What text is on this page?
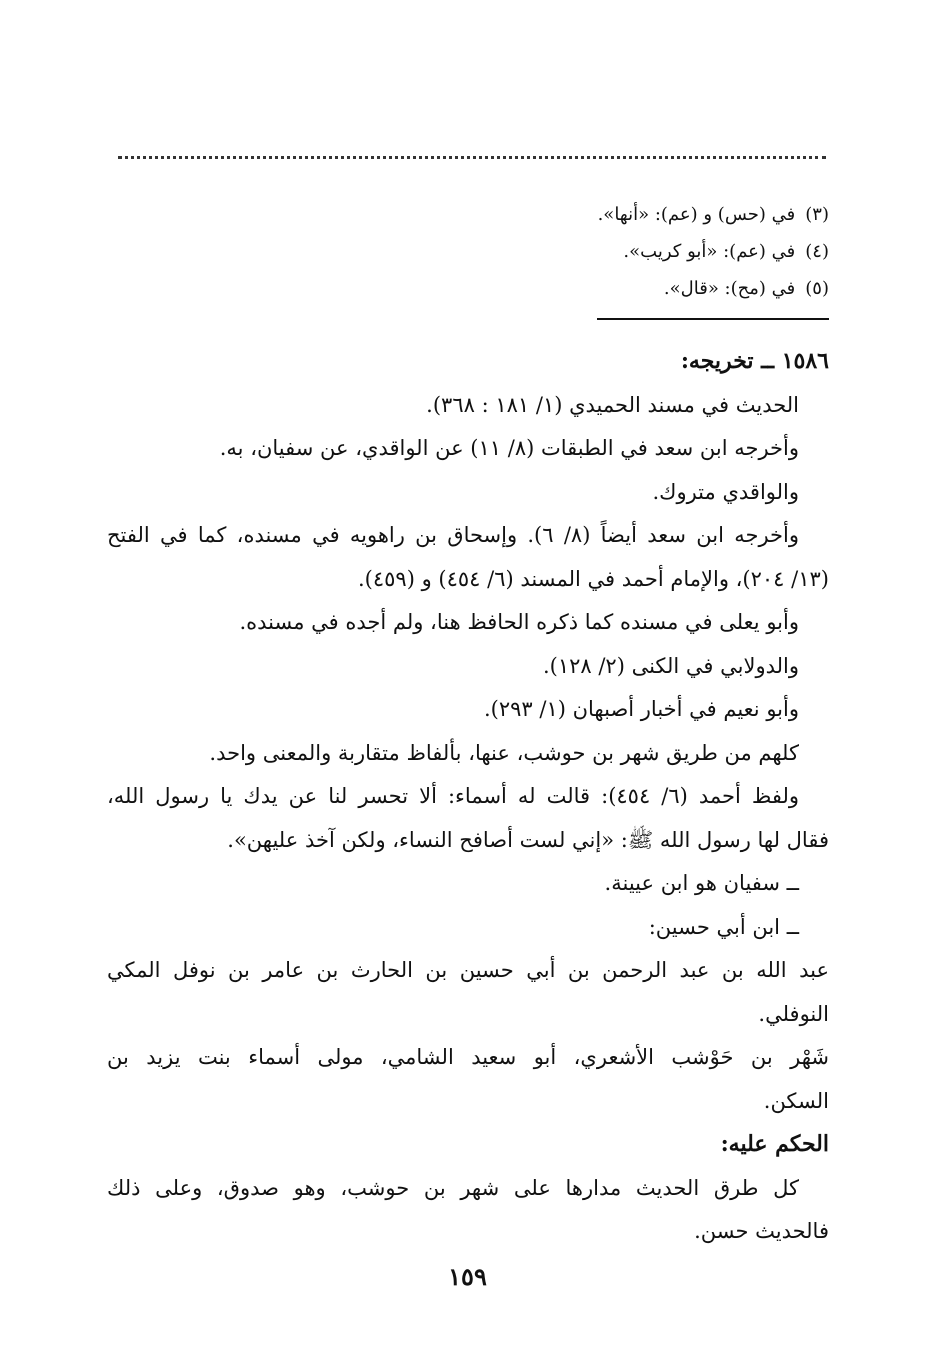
(٣)في (حس) و (عم): «أنها».
(٤)في (عم): «أبو كريب».
(٥)في (مح): «قال».
١٥٨٦ ــ تخريجه:
الحديث في مسند الحميدي (١/ ١٨١ : ٣٦٨).
وأخرجه ابن سعد في الطبقات (٨/ ١١) عن الواقدي، عن سفيان، به.
والواقدي متروك.
وأخرجه ابن سعد أيضاً (٨/ ٦). وإسحاق بن راهويه في مسنده، كما في الفتح
(١٣/ ٢٠٤)، والإمام أحمد في المسند (٦/ ٤٥٤) و (٤٥٩).
وأبو يعلى في مسنده كما ذكره الحافظ هنا، ولم أجده في مسنده.
والدولابي في الكنى (٢/ ١٢٨).
وأبو نعيم في أخبار أصبهان (١/ ٢٩٣).
كلهم من طريق شهر بن حوشب، عنها، بألفاظ متقاربة والمعنى واحد.
ولفظ أحمد (٦/ ٤٥٤): قالت له أسماء: ألا تحسر لنا عن يدك يا رسول الله،
فقال لها رسول الله ﷺ: «إني لست أصافح النساء، ولكن آخذ عليهن».
ــ سفيان هو ابن عيينة.
ــ ابن أبي حسين:
عبد الله بن عبد الرحمن بن أبي حسين بن الحارث بن عامر بن نوفل المكي
النوفلي.
شَهْر بن حَوْشب الأشعري، أبو سعيد الشامي، مولى أسماء بنت يزيد بن
السكن.
الحكم عليه:
كل طرق الحديث مدارها على شهر بن حوشب، وهو صدوق، وعلى ذلك
فالحديث حسن.
١٥٩
